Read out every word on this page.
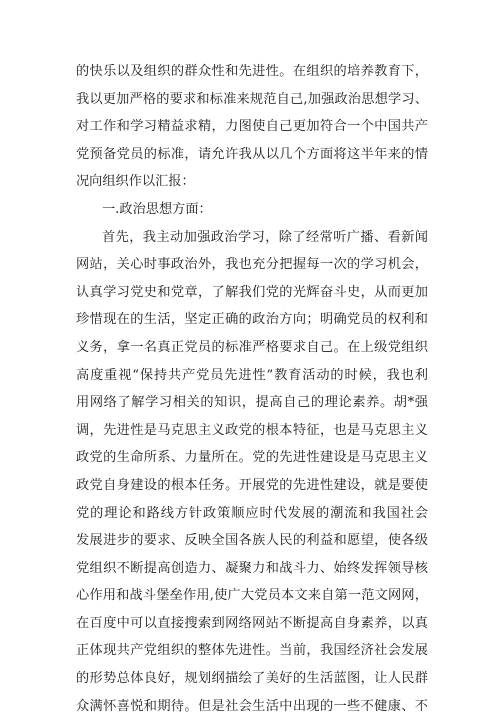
的快乐以及组织的群众性和先进性。在组织的培养教育下，
我以更加严格的要求和标准来规范自己,加强政治思想学习、
对工作和学习精益求精，力图使自己更加符合一个中国共产
党预备党员的标准，请允许我从以几个方面将这半年来的情
况向组织作以汇报：
一.政治思想方面：
首先，我主动加强政治学习，除了经常听广播、看新闻
网站，关心时事政治外，我也充分把握每一次的学习机会，
认真学习党史和党章，了解我们党的光辉奋斗史，从而更加
珍惜现在的生活，坚定正确的政治方向；明确党员的权利和
义务，拿一名真正党员的标准严格要求自己。在上级党组织
高度重视“保持共产党员先进性”教育活动的时候，我也利
用网络了解学习相关的知识，提高自己的理论素养。胡*强
调，先进性是马克思主义政党的根本特征，也是马克思主义
政党的生命所系、力量所在。党的先进性建设是马克思主义
政党自身建设的根本任务。开展党的先进性建设，就是要使
党的理论和路线方针政策顺应时代发展的潮流和我国社会
发展进步的要求、反映全国各族人民的利益和愿望，使各级
党组织不断提高创造力、凝聚力和战斗力、始终发挥领导核
心作用和战斗堡垒作用,使广大党员本文来自第一范文网网，
在百度中可以直接搜索到网络网站不断提高自身素养，以真
正体现共产党组织的整体先进性。当前，我国经济社会发展
的形势总体良好，规划纲描绘了美好的生活蓝图，让人民群
众满怀喜悦和期待。但是社会生活中出现的一些不健康、不
